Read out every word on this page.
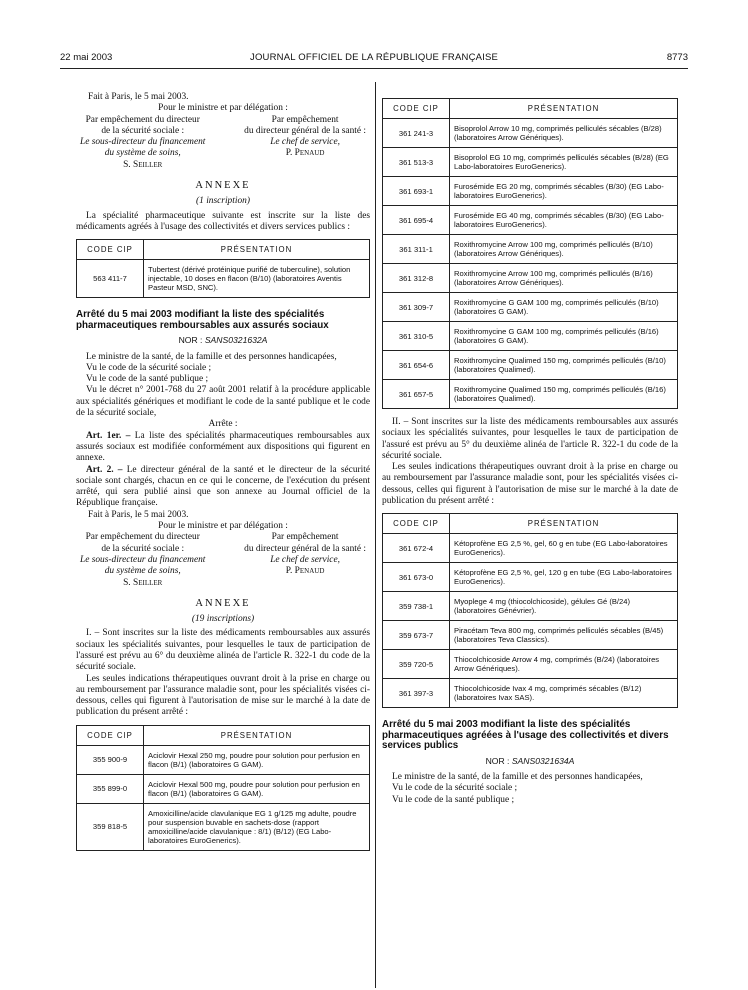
22 mai 2003	JOURNAL OFFICIEL DE LA RÉPUBLIQUE FRANÇAISE	8773

Fait à Paris, le 5 mai 2003.

Pour le ministre et par délégation :

Par empêchement du directeur
de la sécurité sociale :
Le sous-directeur du financement
du système de soins,
S. Seiller
Par empêchement
du directeur général de la santé :
Le chef de service,
P. Penaud
ANNEXE
(1 inscription)

La spécialité pharmaceutique suivante est inscrite sur la liste des médicaments agréés à l'usage des collectivités et divers services publics :

CODE CIP	PRÉSENTATION
563 411-7	Tubertest (dérivé protéinique purifié de tuberculine), solution injectable, 10 doses en flacon (B/10) (laboratoires Aventis Pasteur MSD, SNC).
Arrêté du 5 mai 2003 modifiant la liste des spécialités pharmaceutiques remboursables aux assurés sociaux
NOR : SANS0321632A

Le ministre de la santé, de la famille et des personnes handicapées,

Vu le code de la sécurité sociale ;

Vu le code de la santé publique ;

Vu le décret n° 2001-768 du 27 août 2001 relatif à la procédure applicable aux spécialités génériques et modifiant le code de la santé publique et le code de la sécurité sociale,

Arrête :

Art. 1er. – La liste des spécialités pharmaceutiques remboursables aux assurés sociaux est modifiée conformément aux dispositions qui figurent en annexe.

Art. 2. – Le directeur général de la santé et le directeur de la sécurité sociale sont chargés, chacun en ce qui le concerne, de l'exécution du présent arrêté, qui sera publié ainsi que son annexe au Journal officiel de la République française.

Fait à Paris, le 5 mai 2003.

Pour le ministre et par délégation :

Par empêchement du directeur
de la sécurité sociale :
Le sous-directeur du financement
du système de soins,
S. Seiller
Par empêchement
du directeur général de la santé :
Le chef de service,
P. Penaud
ANNEXE
(19 inscriptions)

I. – Sont inscrites sur la liste des médicaments remboursables aux assurés sociaux les spécialités suivantes, pour lesquelles le taux de participation de l'assuré est prévu au 6° du deuxième alinéa de l'article R. 322-1 du code de la sécurité sociale.

Les seules indications thérapeutiques ouvrant droit à la prise en charge ou au remboursement par l'assurance maladie sont, pour les spécialités visées ci-dessous, celles qui figurent à l'autorisation de mise sur le marché à la date de publication du présent arrêté :

CODE CIP	PRÉSENTATION
355 900-9	Aciclovir Hexal 250 mg, poudre pour solution pour perfusion en flacon (B/1) (laboratoires G GAM).
355 899-0	Aciclovir Hexal 500 mg, poudre pour solution pour perfusion en flacon (B/1) (laboratoires G GAM).
359 818-5	Amoxicilline/acide clavulanique EG 1 g/125 mg adulte, poudre pour suspension buvable en sachets-dose (rapport amoxicilline/acide clavulanique : 8/1) (B/12) (EG Labo-laboratoires EuroGenerics).
CODE CIP	PRÉSENTATION
361 241-3	Bisoprolol Arrow 10 mg, comprimés pelliculés sécables (B/28) (laboratoires Arrow Génériques).
361 513-3	Bisoprolol EG 10 mg, comprimés pelliculés sécables (B/28) (EG Labo-laboratoires EuroGenerics).
361 693-1	Furosémide EG 20 mg, comprimés sécables (B/30) (EG Labo-laboratoires EuroGenerics).
361 695-4	Furosémide EG 40 mg, comprimés sécables (B/30) (EG Labo-laboratoires EuroGenerics).
361 311-1	Roxithromycine Arrow 100 mg, comprimés pelliculés (B/10) (laboratoires Arrow Génériques).
361 312-8	Roxithromycine Arrow 100 mg, comprimés pelliculés (B/16) (laboratoires Arrow Génériques).
361 309-7	Roxithromycine G GAM 100 mg, comprimés pelliculés (B/10) (laboratoires G GAM).
361 310-5	Roxithromycine G GAM 100 mg, comprimés pelliculés (B/16) (laboratoires G GAM).
361 654-6	Roxithromycine Qualimed 150 mg, comprimés pelliculés (B/10) (laboratoires Qualimed).
361 657-5	Roxithromycine Qualimed 150 mg, comprimés pelliculés (B/16) (laboratoires Qualimed).

II. – Sont inscrites sur la liste des médicaments remboursables aux assurés sociaux les spécialités suivantes, pour lesquelles le taux de participation de l'assuré est prévu au 5° du deuxième alinéa de l'article R. 322-1 du code de la sécurité sociale.

Les seules indications thérapeutiques ouvrant droit à la prise en charge ou au remboursement par l'assurance maladie sont, pour les spécialités visées ci-dessous, celles qui figurent à l'autorisation de mise sur le marché à la date de publication du présent arrêté :

CODE CIP	PRÉSENTATION
361 672-4	Kétoprofène EG 2,5 %, gel, 60 g en tube (EG Labo-laboratoires EuroGenerics).
361 673-0	Kétoprofène EG 2,5 %, gel, 120 g en tube (EG Labo-laboratoires EuroGenerics).
359 738-1	Myoplege 4 mg (thiocolchicoside), gélules Gé (B/24) (laboratoires Génévrier).
359 673-7	Piracétam Teva 800 mg, comprimés pelliculés sécables (B/45) (laboratoires Teva Classics).
359 720-5	Thiocolchicoside Arrow 4 mg, comprimés (B/24) (laboratoires Arrow Génériques).
361 397-3	Thiocolchicoside Ivax 4 mg, comprimés sécables (B/12) (laboratoires Ivax SAS).
Arrêté du 5 mai 2003 modifiant la liste des spécialités pharmaceutiques agréées à l'usage des collectivités et divers services publics
NOR : SANS0321634A

Le ministre de la santé, de la famille et des personnes handicapées,

Vu le code de la sécurité sociale ;

Vu le code de la santé publique ;
